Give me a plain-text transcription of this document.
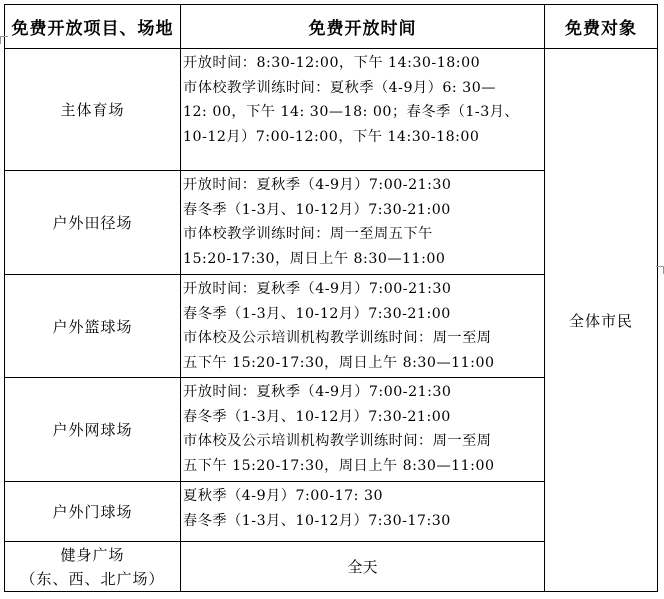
免费开放项目、场地	免费开放时间	免费对象
主体育场	开放时间：8:30-12:00，下午 14:30-18:00
市体校教学训练时间：夏秋季（4-9月）6: 30—
12: 00，下午 14: 30—18: 00；春冬季（1-3月、
10-12月）7:00-12:00，下午 14:30-18:00	全体市民
户外田径场	开放时间：夏秋季（4-9月）7:00-21:30
春冬季（1-3月、10-12月）7:30-21:00
市体校教学训练时间：周一至周五下午
15:20-17:30，周日上午 8:30—11:00	

户外篮球场	开放时间：夏秋季（4-9月）7:00-21:30
春冬季（1-3月、10-12月）7:30-21:00
市体校及公示培训机构教学训练时间：周一至周
五下午 15:20-17:30，周日上午 8:30—11:00	

户外网球场	开放时间：夏秋季（4-9月）7:00-21:30
春冬季（1-3月、10-12月）7:30-21:00
市体校及公示培训机构教学训练时间：周一至周
五下午 15:20-17:30，周日上午 8:30—11:00	

户外门球场	夏秋季（4-9月）7:00-17: 30
春冬季（1-3月、10-12月）7:30-17:30	

健身广场
（东、西、北广场）	全天	
